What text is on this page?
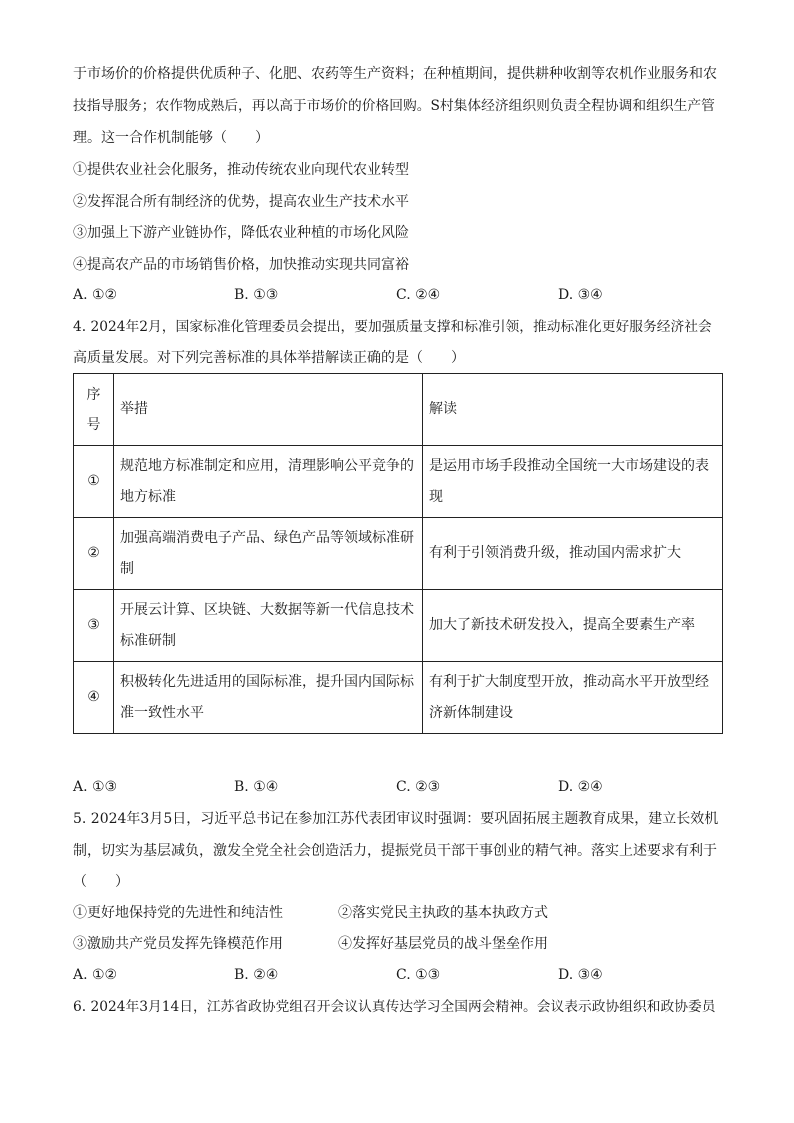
于市场价的价格提供优质种子、化肥、农药等生产资料；在种植期间，提供耕种收割等农机作业服务和农
技指导服务；农作物成熟后，再以高于市场价的价格回购。S村集体经济组织则负责全程协调和组织生产管
理。这一合作机制能够（　　）
①提供农业社会化服务，推动传统农业向现代农业转型
②发挥混合所有制经济的优势，提高农业生产技术水平
③加强上下游产业链协作，降低农业种植的市场化风险
④提高农产品的市场销售价格，加快推动实现共同富裕
A. ①②	B. ①③	C. ②④	D. ③④
4. 2024年2月，国家标准化管理委员会提出，要加强质量支撑和标准引领，推动标准化更好服务经济社会
高质量发展。对下列完善标准的具体举措解读正确的是（　　）
序
号	举措	解读
①	规范地方标准制定和应用，清理影响公平竞争的地方标准	是运用市场手段推动全国统一大市场建设的表现
②	加强高端消费电子产品、绿色产品等领域标准研制	有利于引领消费升级，推动国内需求扩大
③	开展云计算、区块链、大数据等新一代信息技术标准研制	加大了新技术研发投入，提高全要素生产率
④	积极转化先进适用的国际标准，提升国内国际标准一致性水平	有利于扩大制度型开放，推动高水平开放型经济新体制建设
A. ①③	B. ①④	C. ②③	D. ②④
5. 2024年3月5日，习近平总书记在参加江苏代表团审议时强调：要巩固拓展主题教育成果，建立长效机
制，切实为基层减负，激发全党全社会创造活力，提振党员干部干事创业的精气神。落实上述要求有利于
（　　）
①更好地保持党的先进性和纯洁性	②落实党民主执政的基本执政方式
③激励共产党员发挥先锋模范作用	④发挥好基层党员的战斗堡垒作用
A. ①②	B. ②④	C. ①③	D. ③④
6. 2024年3月14日，江苏省政协党组召开会议认真传达学习全国两会精神。会议表示政协组织和政协委员
